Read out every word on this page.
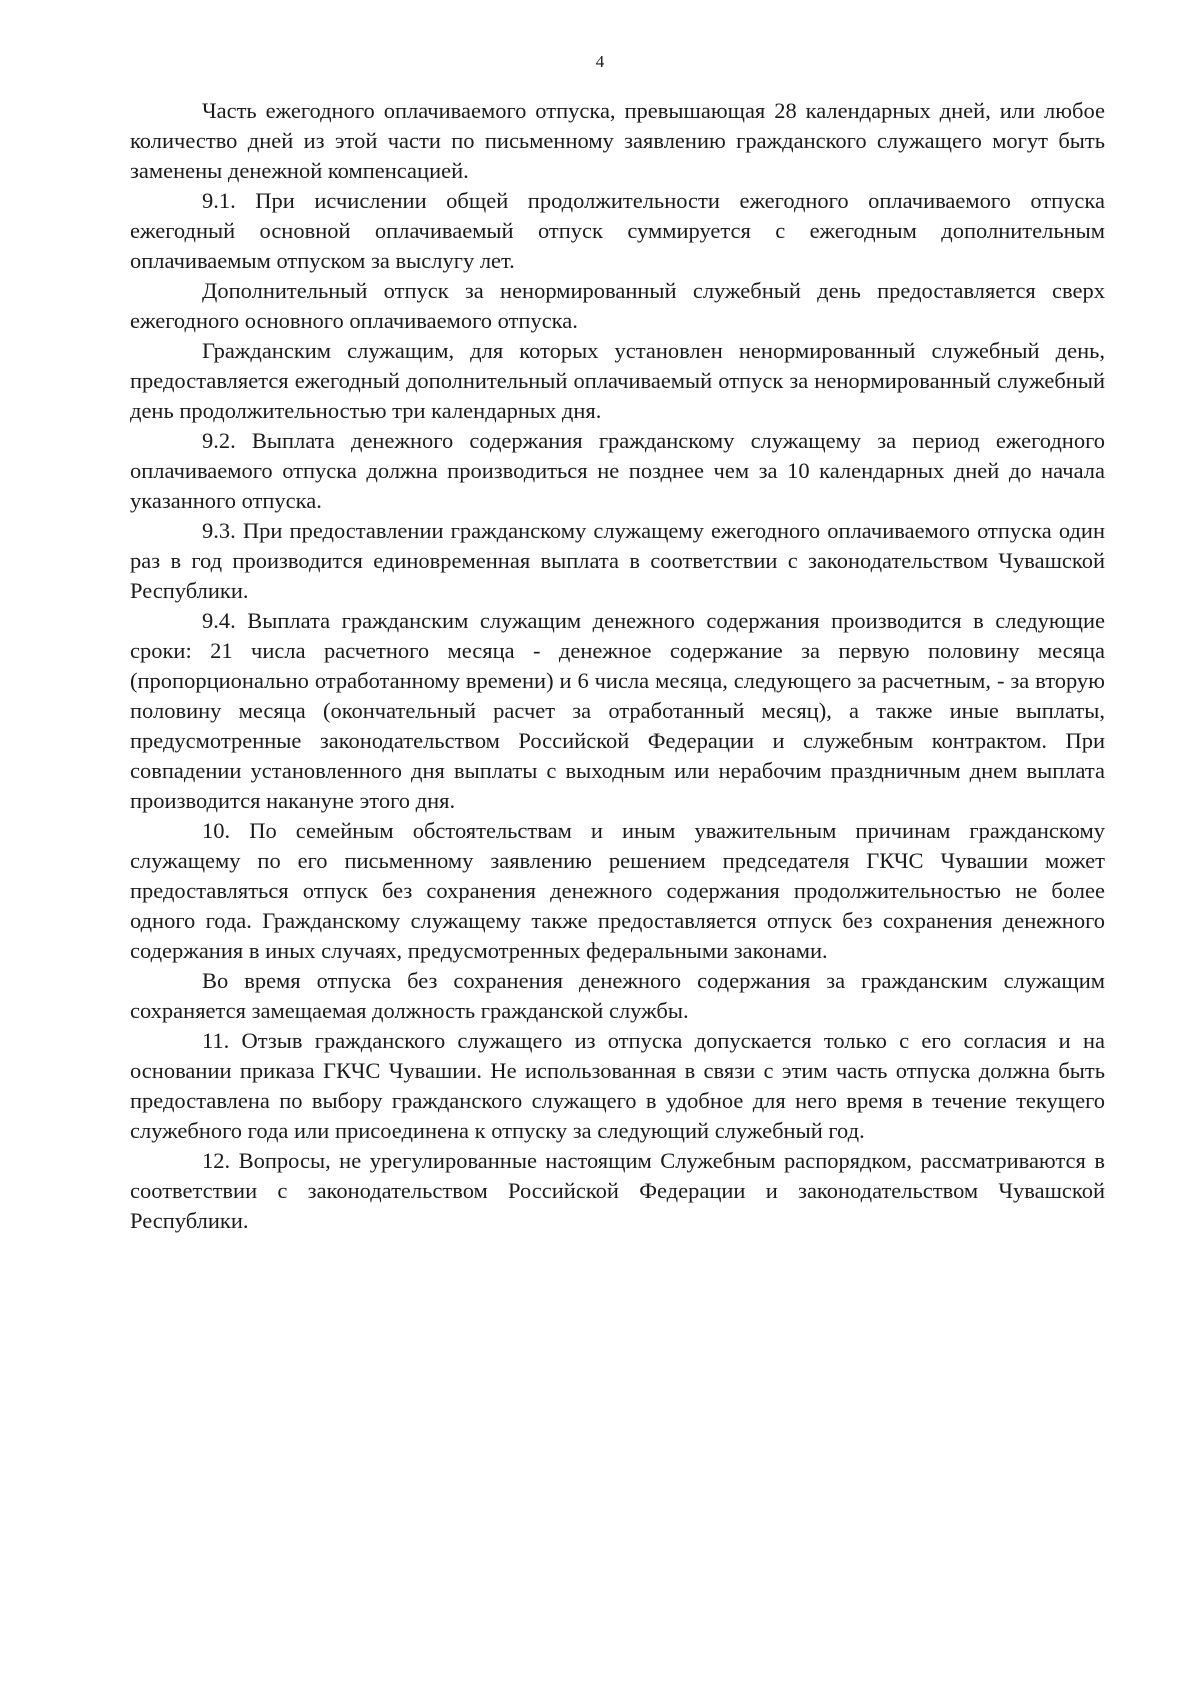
4

Часть ежегодного оплачиваемого отпуска, превышающая 28 календарных дней, или любое количество дней из этой части по письменному заявлению гражданского служащего могут быть заменены денежной компенсацией.

9.1. При исчислении общей продолжительности ежегодного оплачиваемого отпуска ежегодный основной оплачиваемый отпуск суммируется с ежегодным дополнительным оплачиваемым отпуском за выслугу лет.

Дополнительный отпуск за ненормированный служебный день предоставляется сверх ежегодного основного оплачиваемого отпуска.

Гражданским служащим, для которых установлен ненормированный служебный день, предоставляется ежегодный дополнительный оплачиваемый отпуск за ненормированный служебный день продолжительностью три календарных дня.

9.2. Выплата денежного содержания гражданскому служащему за период ежегодного оплачиваемого отпуска должна производиться не позднее чем за 10 календарных дней до начала указанного отпуска.

9.3. При предоставлении гражданскому служащему ежегодного оплачиваемого отпуска один раз в год производится единовременная выплата в соответствии с законодательством Чувашской Республики.

9.4. Выплата гражданским служащим денежного содержания производится в следующие сроки: 21 числа расчетного месяца - денежное содержание за первую половину месяца (пропорционально отработанному времени) и 6 числа месяца, следующего за расчетным, - за вторую половину месяца (окончательный расчет за отработанный месяц), а также иные выплаты, предусмотренные законодательством Российской Федерации и служебным контрактом. При совпадении установленного дня выплаты с выходным или нерабочим праздничным днем выплата производится накануне этого дня.

10. По семейным обстоятельствам и иным уважительным причинам гражданскому служащему по его письменному заявлению решением председателя ГКЧС Чувашии может предоставляться отпуск без сохранения денежного содержания продолжительностью не более одного года. Гражданскому служащему также предоставляется отпуск без сохранения денежного содержания в иных случаях, предусмотренных федеральными законами.

Во время отпуска без сохранения денежного содержания за гражданским служащим сохраняется замещаемая должность гражданской службы.

11. Отзыв гражданского служащего из отпуска допускается только с его согласия и на основании приказа ГКЧС Чувашии. Не использованная в связи с этим часть отпуска должна быть предоставлена по выбору гражданского служащего в удобное для него время в течение текущего служебного года или присоединена к отпуску за следующий служебный год.

12. Вопросы, не урегулированные настоящим Служебным распорядком, рассматриваются в соответствии с законодательством Российской Федерации и законодательством Чувашской Республики.
